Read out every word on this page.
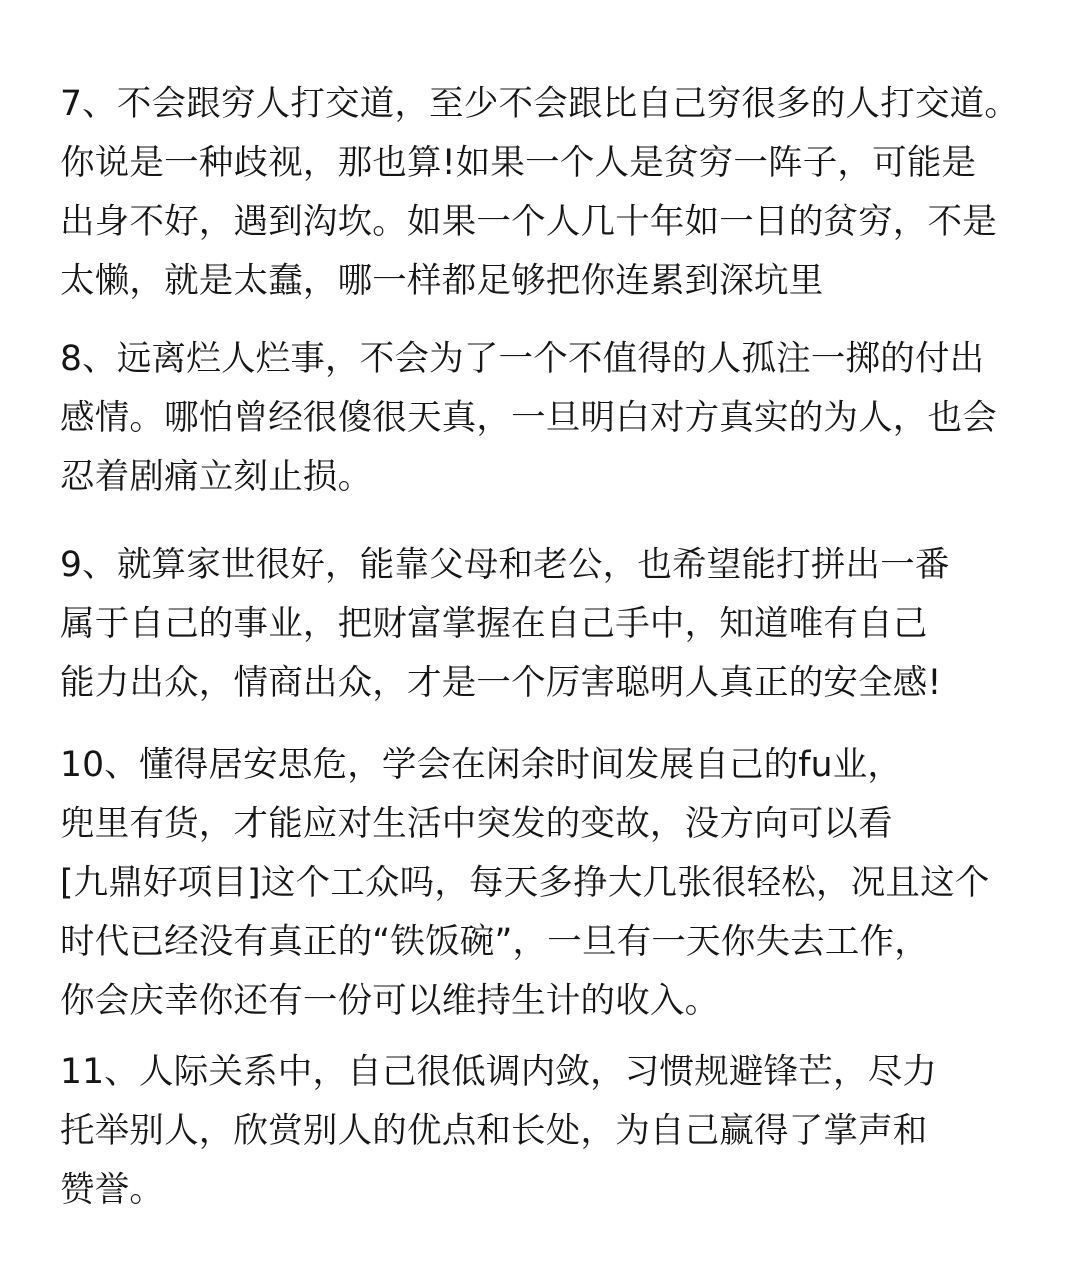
7、不会跟穷人打交道，至少不会跟比自己穷很多的人打交道。
你说是一种歧视，那也算!如果一个人是贫穷一阵子，可能是
出身不好，遇到沟坎。如果一个人几十年如一日的贫穷，不是
太懒，就是太蠢，哪一样都足够把你连累到深坑里
8、远离烂人烂事，不会为了一个不值得的人孤注一掷的付出
感情。哪怕曾经很傻很天真，一旦明白对方真实的为人，也会
忍着剧痛立刻止损。
9、就算家世很好，能靠父母和老公，也希望能打拼出一番
属于自己的事业，把财富掌握在自己手中，知道唯有自己
能力出众，情商出众，才是一个厉害聪明人真正的安全感!
10、懂得居安思危，学会在闲余时间发展自己的fu业，
兜里有货，才能应对生活中突发的变故，没方向可以看
[九鼎好项目]这个工众吗，每天多挣大几张很轻松，况且这个
时代已经没有真正的“铁饭碗”，一旦有一天你失去工作，
你会庆幸你还有一份可以维持生计的收入。
11、人际关系中，自己很低调内敛，习惯规避锋芒，尽力
托举别人，欣赏别人的优点和长处，为自己赢得了掌声和
赞誉。
